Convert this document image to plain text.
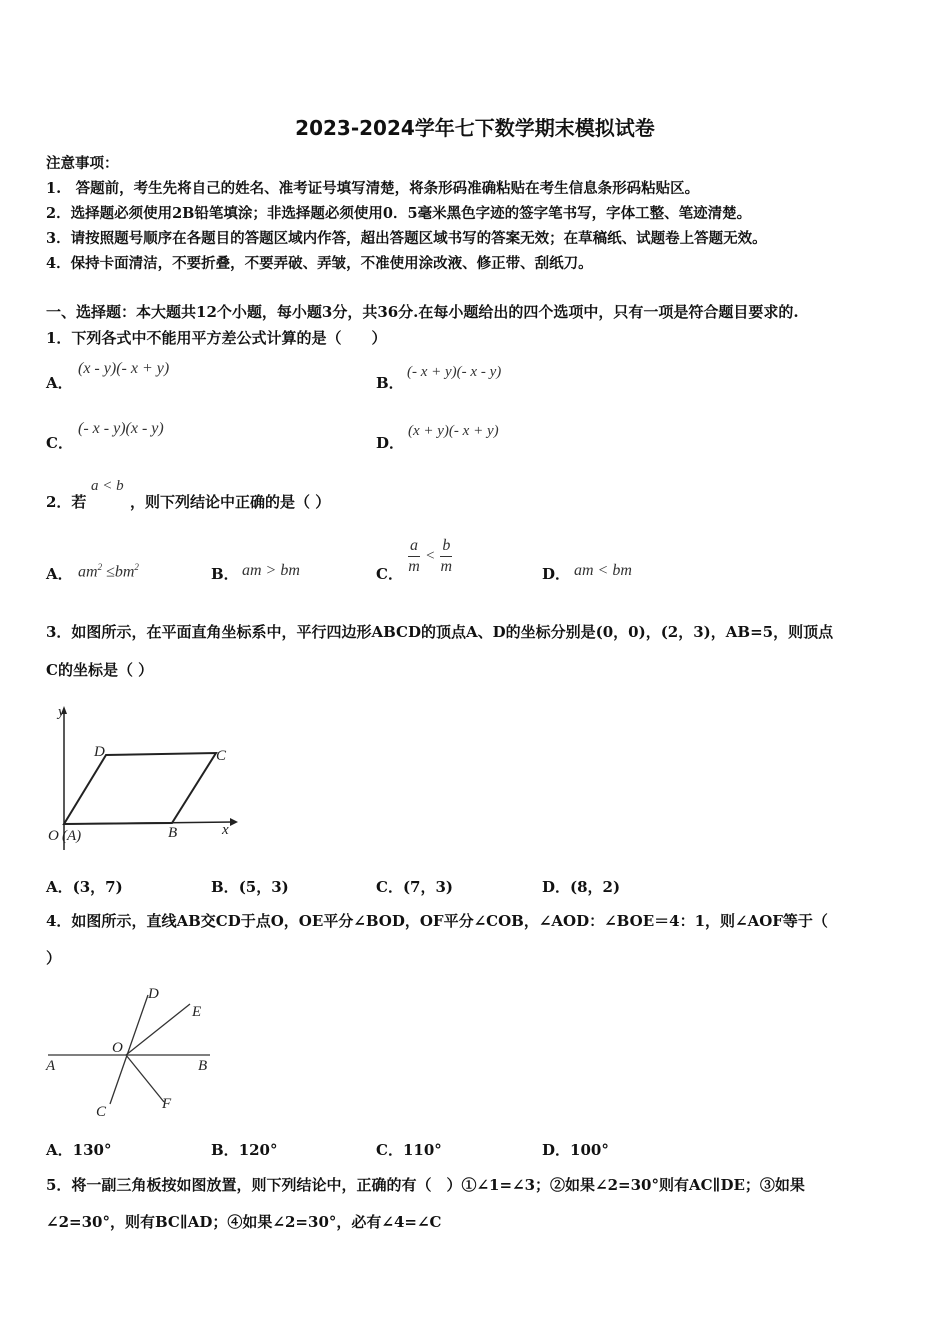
2023-2024学年七下数学期末模拟试卷
注意事项：
1.　答题前，考生先将自己的姓名、准考证号填写清楚，将条形码准确粘贴在考生信息条形码粘贴区。
2．选择题必须使用2B铅笔填涂；非选择题必须使用0．5毫米黑色字迹的签字笔书写，字体工整、笔迹清楚。
3．请按照题号顺序在各题目的答题区域内作答，超出答题区域书写的答案无效；在草稿纸、试题卷上答题无效。
4．保持卡面清洁，不要折叠，不要弄破、弄皱，不准使用涂改液、修正带、刮纸刀。
一、选择题：本大题共12个小题，每小题3分，共36分.在每小题给出的四个选项中，只有一项是符合题目要求的.
1．下列各式中不能用平方差公式计算的是（　　）
A．
(x - y)(- x + y)
B．
(- x + y)(- x - y)
C．
(- x - y)(x - y)
D．
(x + y)(- x + y)
2．若
a < b
，则下列结论中正确的是（ ）
A． $am^2 \le bm^2$	B． am > bm	C． $\frac{a}{m} < \frac{b}{m}$	D． am < bm
3．如图所示，在平面直角坐标系中，平行四边形ABCD的顶点A、D的坐标分别是(0，0)，(2，3)，AB=5，则顶点
C的坐标是（ ）
y
x
D	C
O (A)	B
A．(3，7)	B．(5，3)	C．(7，3)	D．(8，2)
4．如图所示，直线AB交CD于点O，OE平分∠BOD，OF平分∠COB，∠AOD：∠BOE＝4：1，则∠AOF等于（
）
D
E
O
A	B
C	F
A．130°	B．120°	C．110°	D．100°
5．将一副三角板按如图放置，则下列结论中，正确的有（　）①∠1=∠3；②如果∠2=30°则有AC∥DE；③如果
∠2=30°，则有BC∥AD；④如果∠2=30°，必有∠4=∠C
